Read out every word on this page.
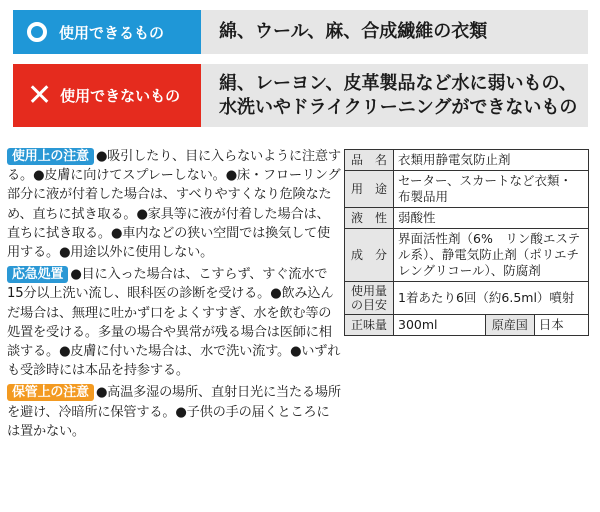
使用できるもの	綿、ウール、麻、合成繊維の衣類
✕ 使用できないもの
絹、レーヨン、皮革製品など水に弱いもの、
水洗いやドライクリーニングができないもの

使用上の注意 ●吸引したり、目に入らないように注意する。●皮膚に向けてスプレーしない。●床・フローリング部分に液が付着した場合は、すべりやすくなり危険なため、直ちに拭き取る。●家具等に液が付着した場合は、直ちに拭き取る。●車内などの狭い空間では換気して使用する。●用途以外に使用しない。

応急処置 ●目に入った場合は、こすらず、すぐ流水で15分以上洗い流し、眼科医の診断を受ける。●飲み込んだ場合は、無理に吐かず口をよくすすぎ、水を飲む等の処置を受ける。多量の場合や異常が残る場合は医師に相談する。●皮膚に付いた場合は、水で洗い流す。●いずれも受診時には本品を持参する。

保管上の注意 ●高温多湿の場所、直射日光に当たる場所を避け、冷暗所に保管する。●子供の手の届くところには置かない。

品　名	衣類用静電気防止剤		
用　途	セーター、スカートなど衣類・布製品用		
液　性	弱酸性		
成　分	界面活性剤（6%　リン酸エステル系）、静電気防止剤（ポリエチレングリコール）、防腐剤		
使用量の目安	1着あたり6回（約6.5ml）噴射		
正味量	300ml	原産国	日本
